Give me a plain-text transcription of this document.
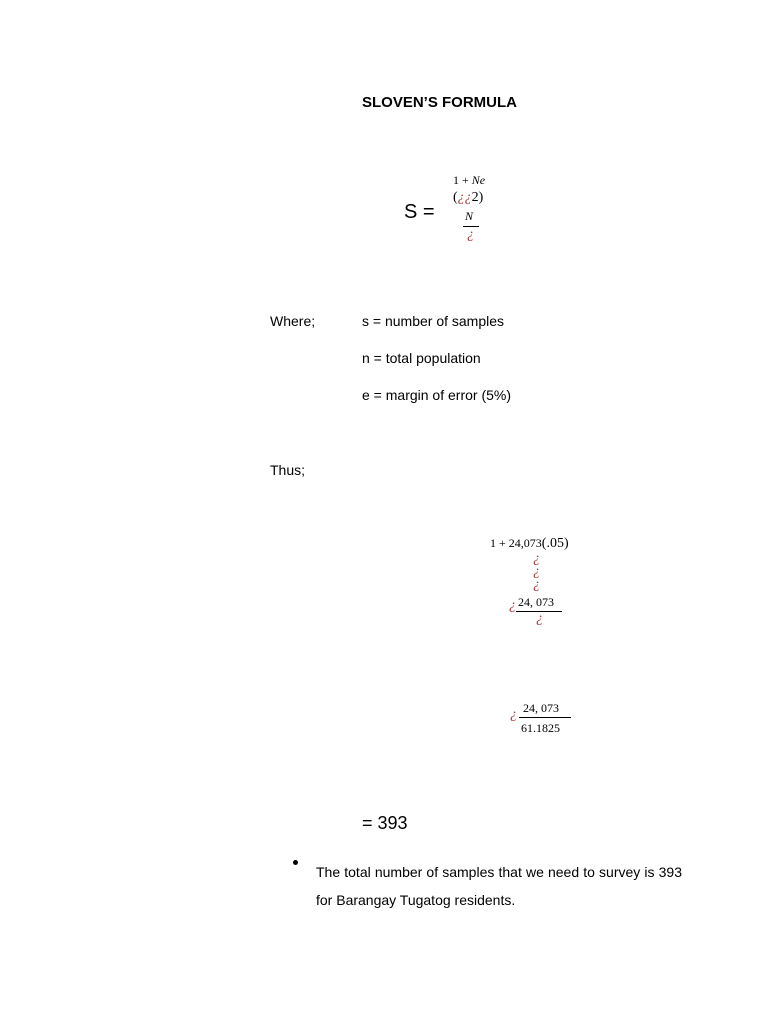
SLOVEN’S FORMULA
S =
1 + Ne
(¿¿2)
N
¿
Where;	s = number of samples
n = total population
e = margin of error (5%)
Thus;
1 + 24,073(.05)
¿
¿
¿
¿ 24, 073
¿
¿ 24, 073
61.1825
= 393
The total number of samples that we need to survey is 393 for Barangay Tugatog residents.
